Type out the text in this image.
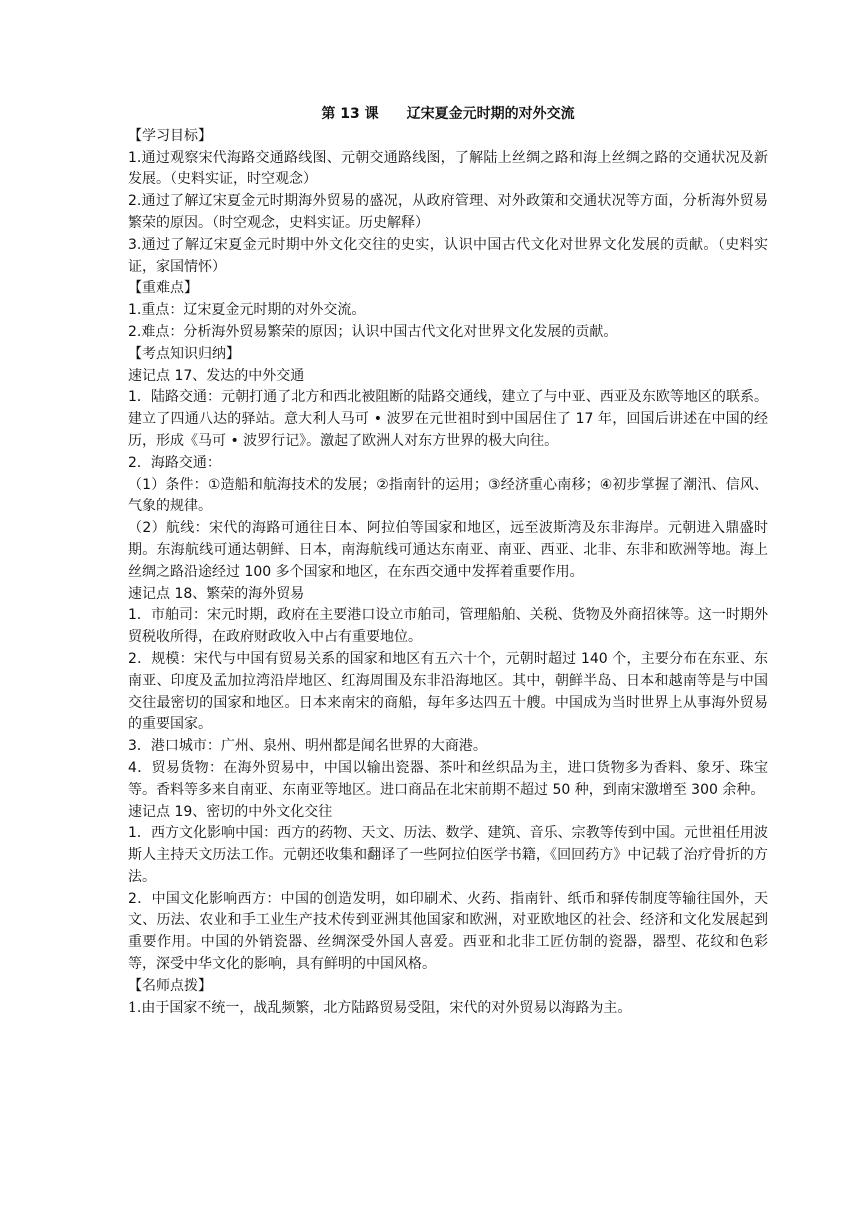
第 13 课　　辽宋夏金元时期的对外交流

【学习目标】

1.通过观察宋代海路交通路线图、元朝交通路线图，了解陆上丝绸之路和海上丝绸之路的交通状况及新发展。（史料实证，时空观念）

2.通过了解辽宋夏金元时期海外贸易的盛况，从政府管理、对外政策和交通状况等方面，分析海外贸易繁荣的原因。（时空观念，史料实证。历史解释）

3.通过了解辽宋夏金元时期中外文化交往的史实，认识中国古代文化对世界文化发展的贡献。（史料实证，家国情怀）

【重难点】

1.重点：辽宋夏金元时期的对外交流。

2.难点：分析海外贸易繁荣的原因；认识中国古代文化对世界文化发展的贡献。

【考点知识归纳】

速记点 17、发达的中外交通

1．陆路交通：元朝打通了北方和西北被阻断的陆路交通线，建立了与中亚、西亚及东欧等地区的联系。建立了四通八达的驿站。意大利人马可 • 波罗在元世祖时到中国居住了 17 年，回国后讲述在中国的经历，形成《马可 • 波罗行记》。激起了欧洲人对东方世界的极大向往。

2．海路交通：

（1）条件：①造船和航海技术的发展；②指南针的运用；③经济重心南移；④初步掌握了潮汛、信风、气象的规律。

（2）航线：宋代的海路可通往日本、阿拉伯等国家和地区，远至波斯湾及东非海岸。元朝进入鼎盛时期。东海航线可通达朝鲜、日本，南海航线可通达东南亚、南亚、西亚、北非、东非和欧洲等地。海上丝绸之路沿途经过 100 多个国家和地区，在东西交通中发挥着重要作用。

速记点 18、繁荣的海外贸易

1．市舶司：宋元时期，政府在主要港口设立市舶司，管理船舶、关税、货物及外商招徕等。这一时期外贸税收所得，在政府财政收入中占有重要地位。

2．规模：宋代与中国有贸易关系的国家和地区有五六十个，元朝时超过 140 个，主要分布在东亚、东南亚、印度及孟加拉湾沿岸地区、红海周围及东非沿海地区。其中，朝鲜半岛、日本和越南等是与中国交往最密切的国家和地区。日本来南宋的商船，每年多达四五十艘。中国成为当时世界上从事海外贸易的重要国家。

3．港口城市：广州、泉州、明州都是闻名世界的大商港。

4．贸易货物：在海外贸易中，中国以输出瓷器、茶叶和丝织品为主，进口货物多为香料、象牙、珠宝等。香料等多来自南亚、东南亚等地区。进口商品在北宋前期不超过 50 种，到南宋激增至 300 余种。

速记点 19、密切的中外文化交往

1．西方文化影响中国：西方的药物、天文、历法、数学、建筑、音乐、宗教等传到中国。元世祖任用波斯人主持天文历法工作。元朝还收集和翻译了一些阿拉伯医学书籍，《回回药方》中记载了治疗骨折的方法。

2．中国文化影响西方：中国的创造发明，如印刷术、火药、指南针、纸币和驿传制度等输往国外，天文、历法、农业和手工业生产技术传到亚洲其他国家和欧洲，对亚欧地区的社会、经济和文化发展起到重要作用。中国的外销瓷器、丝绸深受外国人喜爱。西亚和北非工匠仿制的瓷器，器型、花纹和色彩等，深受中华文化的影响，具有鲜明的中国风格。

【名师点拨】

1.由于国家不统一，战乱频繁，北方陆路贸易受阻，宋代的对外贸易以海路为主。
